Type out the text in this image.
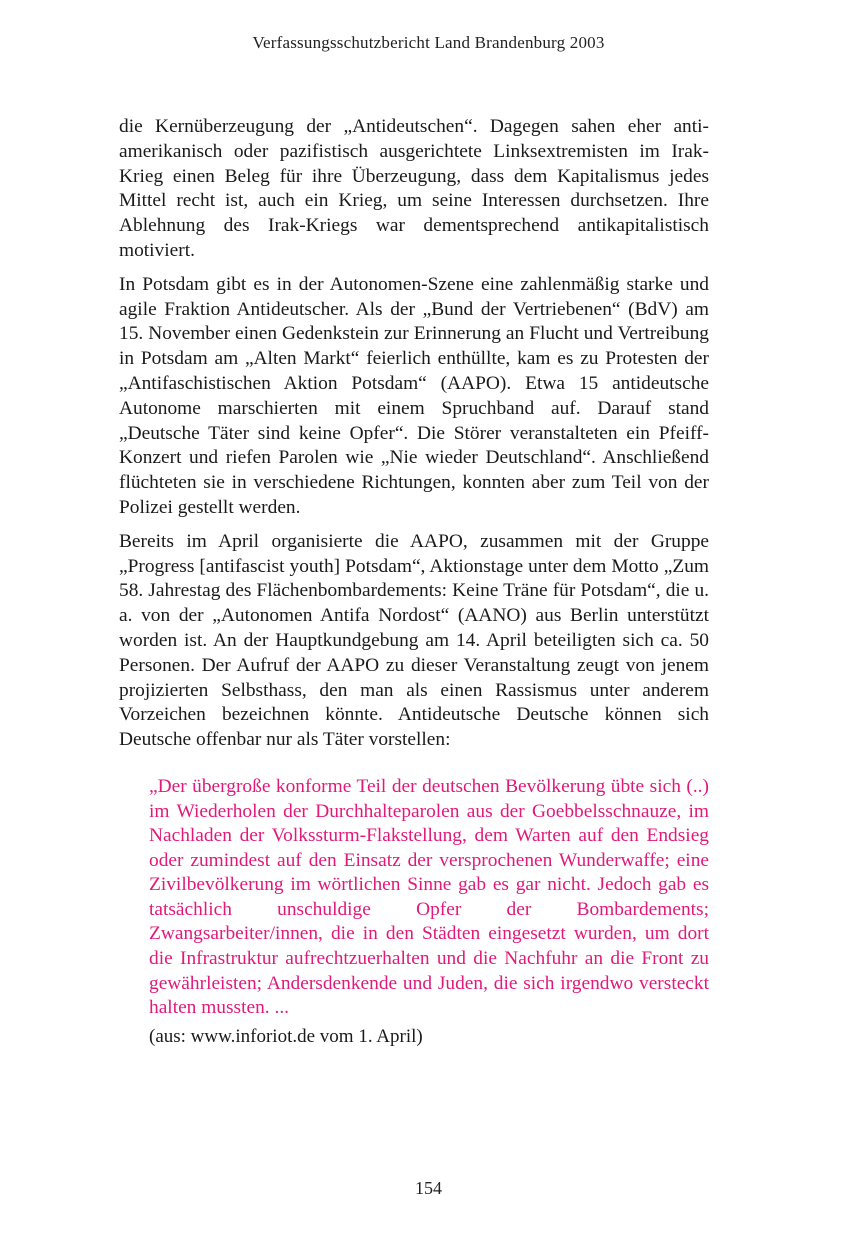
Verfassungsschutzbericht Land Brandenburg 2003

die Kernüberzeugung der „Antideutschen“. Dagegen sahen eher antiamerikanisch oder pazifistisch ausgerichtete Linksextremisten im Irak-Krieg einen Beleg für ihre Überzeugung, dass dem Kapitalismus jedes Mittel recht ist, auch ein Krieg, um seine Interessen durchsetzen. Ihre Ablehnung des Irak-Kriegs war dementsprechend antikapitalistisch motiviert.

In Potsdam gibt es in der Autonomen-Szene eine zahlenmäßig starke und agile Fraktion Antideutscher. Als der „Bund der Vertriebenen“ (BdV) am 15. November einen Gedenkstein zur Erinnerung an Flucht und Vertreibung in Potsdam am „Alten Markt“ feierlich enthüllte, kam es zu Protesten der „Antifaschistischen Aktion Potsdam“ (AAPO). Etwa 15 antideutsche Autonome marschierten mit einem Spruchband auf. Darauf stand „Deutsche Täter sind keine Opfer“. Die Störer veranstalteten ein Pfeiff-Konzert und riefen Parolen wie „Nie wieder Deutschland“. Anschließend flüchteten sie in verschiedene Richtungen, konnten aber zum Teil von der Polizei gestellt werden.

Bereits im April organisierte die AAPO, zusammen mit der Gruppe „Progress [antifascist youth] Potsdam“, Aktionstage unter dem Motto „Zum 58. Jahrestag des Flächenbombardements: Keine Träne für Potsdam“, die u. a. von der „Autonomen Antifa Nordost“ (AANO) aus Berlin unterstützt worden ist. An der Hauptkundgebung am 14. April beteiligten sich ca. 50 Personen. Der Aufruf der AAPO zu dieser Veranstaltung zeugt von jenem projizierten Selbsthass, den man als einen Rassismus unter anderem Vorzeichen bezeichnen könnte. Antideutsche Deutsche können sich Deutsche offenbar nur als Täter vorstellen:

„Der übergroße konforme Teil der deutschen Bevölkerung übte sich (..) im Wiederholen der Durchhalteparolen aus der Goebbelsschnauze, im Nachladen der Volkssturm-Flakstellung, dem Warten auf den Endsieg oder zumindest auf den Einsatz der versprochenen Wunderwaffe; eine Zivilbevölkerung im wörtlichen Sinne gab es gar nicht. Jedoch gab es tatsächlich unschuldige Opfer der Bombardements; Zwangsarbeiter/innen, die in den Städten eingesetzt wurden, um dort die Infrastruktur aufrechtzuerhalten und die Nachfuhr an die Front zu gewährleisten; Andersdenkende und Juden, die sich irgendwo versteckt halten mussten. ...

(aus: www.inforiot.de vom 1. April)

154
